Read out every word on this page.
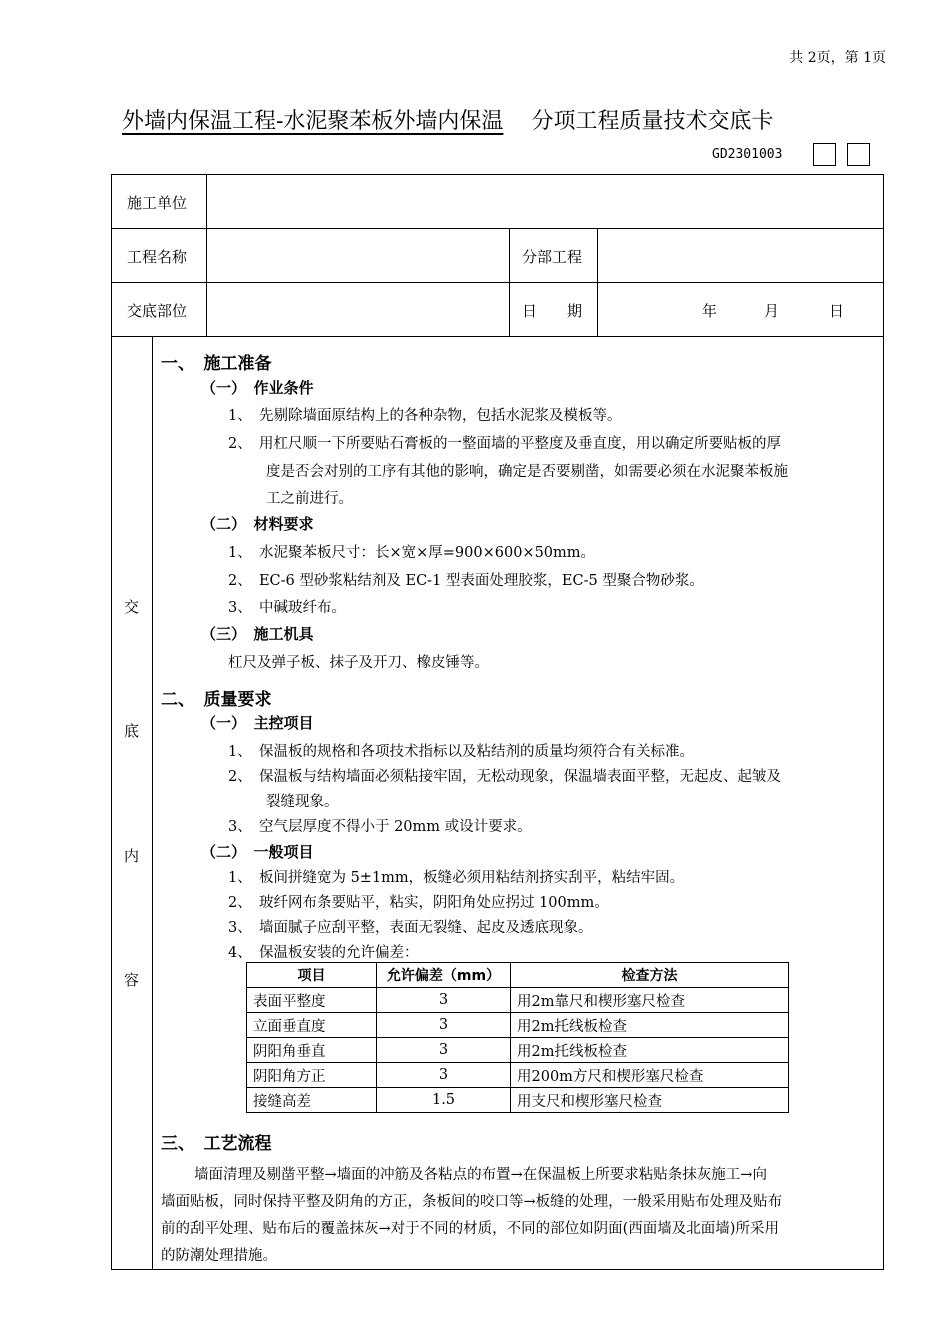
共 2页，第 1页
外墙内保温工程-水泥聚苯板外墙内保温 分项工程质量技术交底卡
GD2301003
施工单位
工程名称	分部工程
交底部位	日　　期	年	月	日
交
底
内
容
一、　施工准备
（一）　作业条件
1、　先剔除墙面原结构上的各种杂物，包括水泥浆及模板等。
2、　用杠尺顺一下所要贴石膏板的一整面墙的平整度及垂直度，用以确定所要贴板的厚
度是否会对别的工序有其他的影响，确定是否要剔凿，如需要必须在水泥聚苯板施
工之前进行。
（二）　材料要求
1、　水泥聚苯板尺寸：长×宽×厚=900×600×50mm。
2、　EC-6 型砂浆粘结剂及 EC-1 型表面处理胶浆，EC-5 型聚合物砂浆。
3、　中碱玻纤布。
（三）　施工机具
杠尺及弹子板、抹子及开刀、橡皮锤等。
二、　质量要求
（一）　主控项目
1、　保温板的规格和各项技术指标以及粘结剂的质量均须符合有关标准。
2、　保温板与结构墙面必须粘接牢固，无松动现象，保温墙表面平整，无起皮、起皱及
裂缝现象。
3、　空气层厚度不得小于 20mm 或设计要求。
（二）　一般项目
1、　板间拼缝宽为 5±1mm，板缝必须用粘结剂挤实刮平，粘结牢固。
2、　玻纤网布条要贴平，粘实，阴阳角处应拐过 100mm。
3、　墙面腻子应刮平整，表面无裂缝、起皮及透底现象。
4、　保温板安装的允许偏差：
项目	允许偏差（mm）	检查方法
表面平整度	3	用2m靠尺和楔形塞尺检查
立面垂直度	3	用2m托线板检查
阴阳角垂直	3	用2m托线板检查
阴阳角方正	3	用200m方尺和楔形塞尺检查
接缝高差	1.5	用支尺和楔形塞尺检查
三、　工艺流程
墙面清理及剔凿平整→墙面的冲筋及各粘点的布置→在保温板上所要求粘贴条抹灰施工→向
墙面贴板，同时保持平整及阴角的方正，条板间的咬口等→板缝的处理，一般采用贴布处理及贴布
前的刮平处理、贴布后的覆盖抹灰→对于不同的材质，不同的部位如阴面(西面墙及北面墙)所采用
的防潮处理措施。
